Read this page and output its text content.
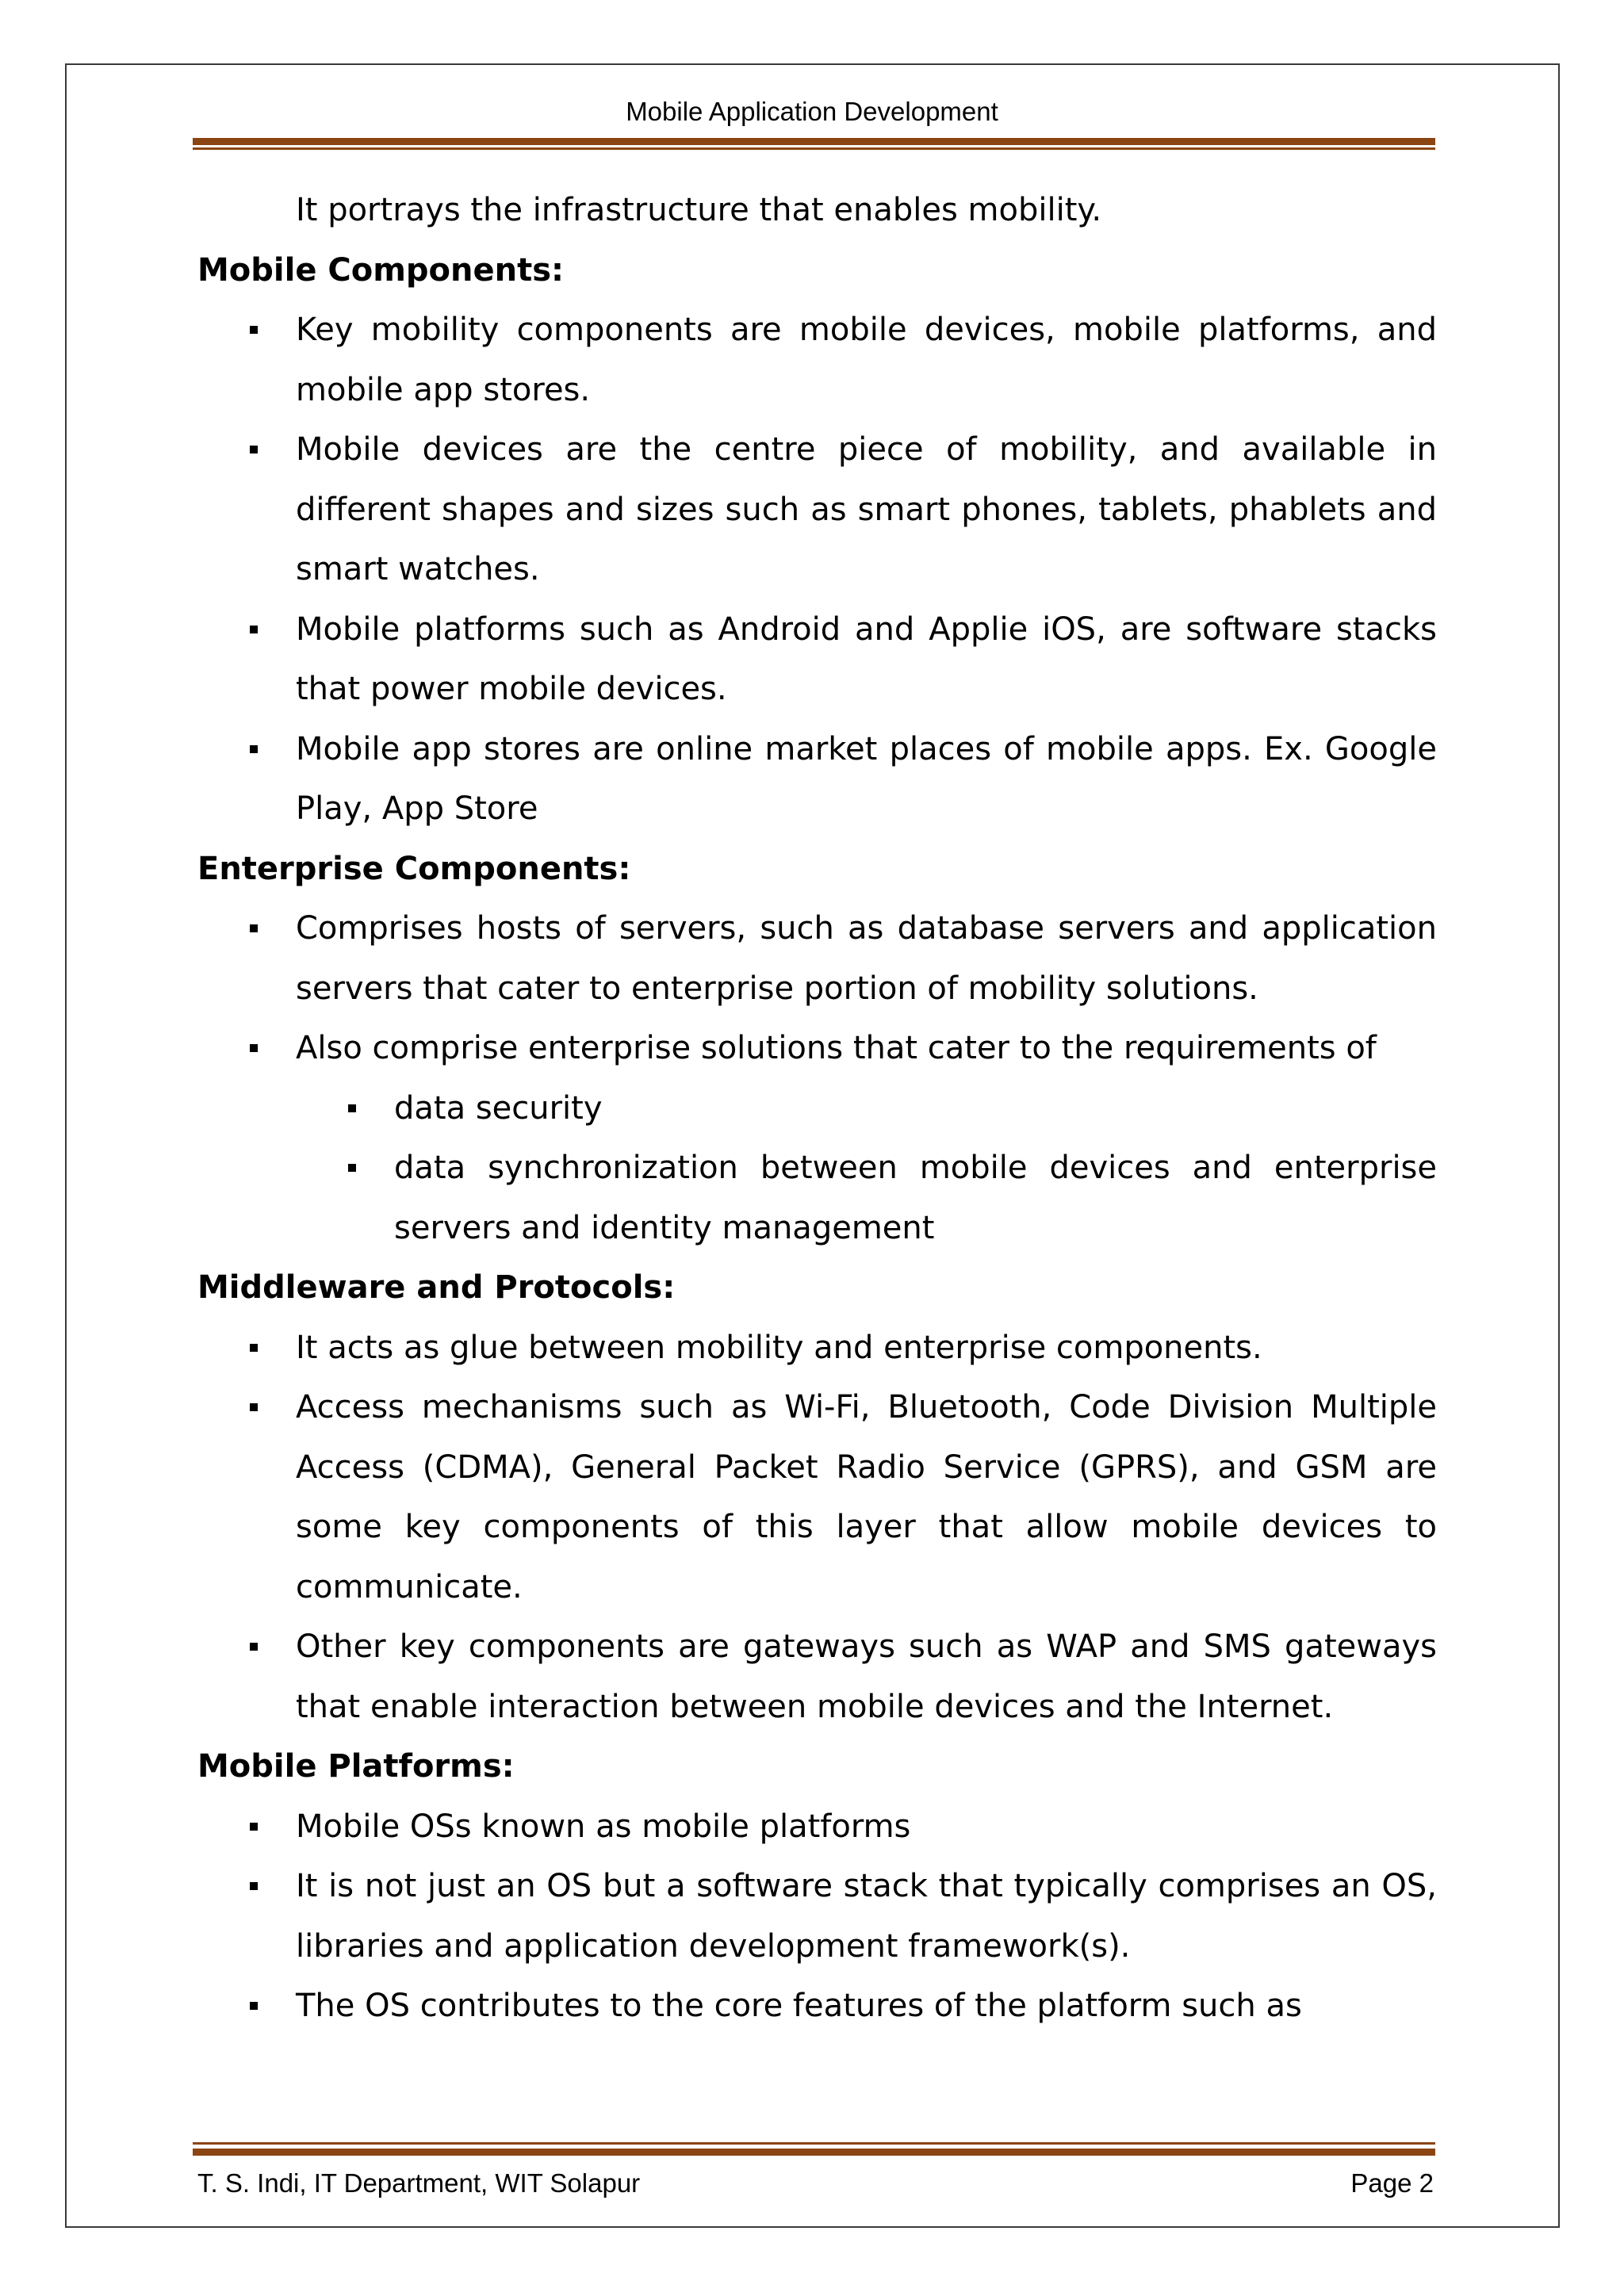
Mobile Application Development
It portrays the infrastructure that enables mobility.
Mobile Components:
Key mobility components are mobile devices, mobile platforms, and mobile app stores.
Mobile devices are the centre piece of mobility, and available in different shapes and sizes such as smart phones, tablets, phablets and smart watches.
Mobile platforms such as Android and Applie iOS, are software stacks that power mobile devices.
Mobile app stores are online market places of mobile apps. Ex. Google Play, App Store
Enterprise Components:
Comprises hosts of servers, such as database servers and application servers that cater to enterprise portion of mobility solutions.
Also comprise enterprise solutions that cater to the requirements of
data security
data synchronization between mobile devices and enterprise servers and identity management
Middleware and Protocols:
It acts as glue between mobility and enterprise components.
Access mechanisms such as Wi-Fi, Bluetooth, Code Division Multiple Access (CDMA), General Packet Radio Service (GPRS), and GSM are some key components of this layer that allow mobile devices to communicate.
Other key components are gateways such as WAP and SMS gateways that enable interaction between mobile devices and the Internet.
Mobile Platforms:
Mobile OSs known as mobile platforms
It is not just an OS but a software stack that typically comprises an OS, libraries and application development framework(s).
The OS contributes to the core features of the platform such as
T. S. Indi, IT Department, WIT Solapur	Page 2
